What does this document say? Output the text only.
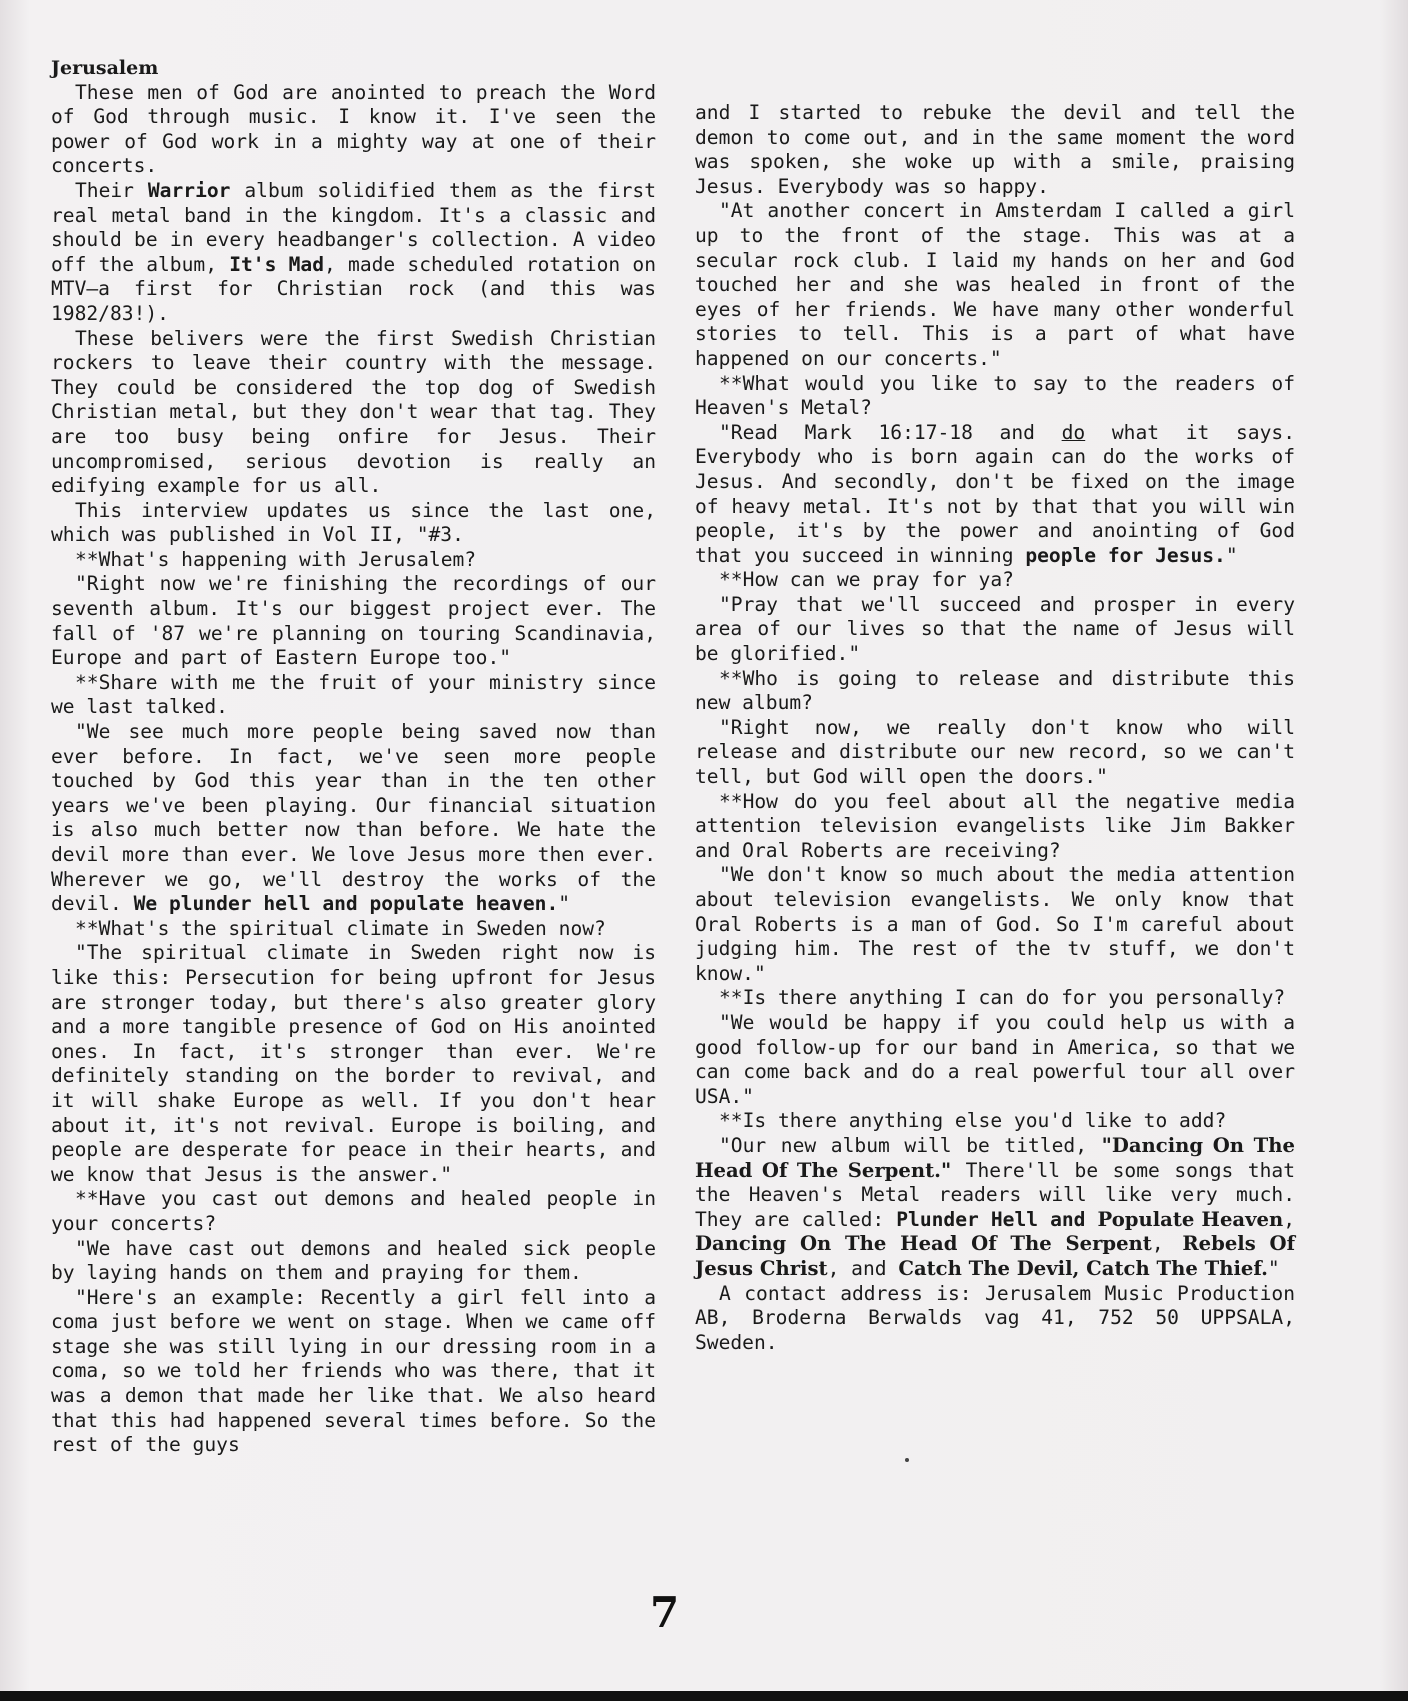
Jerusalem

These men of God are anointed to preach the Word of God through music. I know it. I've seen the power of God work in a mighty way at one of their concerts.

Their Warrior album solidified them as the first real metal band in the kingdom. It's a classic and should be in every headbanger's collection. A video off the album, It's Mad, made scheduled rotation on MTV—a first for Christian rock (and this was 1982/83!).

These belivers were the first Swedish Christian rockers to leave their country with the message. They could be considered the top dog of Swedish Christian metal, but they don't wear that tag. They are too busy being onfire for Jesus. Their uncompromised, serious devotion is really an edifying example for us all.

This interview updates us since the last one, which was published in Vol II, "#3.

**What's happening with Jerusalem?

"Right now we're finishing the recordings of our seventh album. It's our biggest project ever. The fall of '87 we're planning on touring Scandinavia, Europe and part of Eastern Europe too."

**Share with me the fruit of your ministry since we last talked.

"We see much more people being saved now than ever before. In fact, we've seen more people touched by God this year than in the ten other years we've been playing. Our financial situation is also much better now than before. We hate the devil more than ever. We love Jesus more then ever. Wherever we go, we'll destroy the works of the devil. We plunder hell and populate heaven."

**What's the spiritual climate in Sweden now?

"The spiritual climate in Sweden right now is like this: Persecution for being upfront for Jesus are stronger today, but there's also greater glory and a more tangible presence of God on His anointed ones. In fact, it's stronger than ever. We're definitely standing on the border to revival, and it will shake Europe as well. If you don't hear about it, it's not revival. Europe is boiling, and people are desperate for peace in their hearts, and we know that Jesus is the answer."

**Have you cast out demons and healed people in your concerts?

"We have cast out demons and healed sick people by laying hands on them and praying for them.

"Here's an example: Recently a girl fell into a coma just before we went on stage. When we came off stage she was still lying in our dressing room in a coma, so we told her friends who was there, that it was a demon that made her like that. We also heard that this had happened several times before. So the rest of the guys

and I started to rebuke the devil and tell the demon to come out, and in the same moment the word was spoken, she woke up with a smile, praising Jesus. Everybody was so happy.

"At another concert in Amsterdam I called a girl up to the front of the stage. This was at a secular rock club. I laid my hands on her and God touched her and she was healed in front of the eyes of her friends. We have many other wonderful stories to tell. This is a part of what have happened on our concerts."

**What would you like to say to the readers of Heaven's Metal?

"Read Mark 16:17-18 and do what it says. Everybody who is born again can do the works of Jesus. And secondly, don't be fixed on the image of heavy metal. It's not by that that you will win people, it's by the power and anointing of God that you succeed in winning people for Jesus."

**How can we pray for ya?

"Pray that we'll succeed and prosper in every area of our lives so that the name of Jesus will be glorified."

**Who is going to release and distribute this new album?

"Right now, we really don't know who will release and distribute our new record, so we can't tell, but God will open the doors."

**How do you feel about all the negative media attention television evangelists like Jim Bakker and Oral Roberts are receiving?

"We don't know so much about the media attention about television evangelists. We only know that Oral Roberts is a man of God. So I'm careful about judging him. The rest of the tv stuff, we don't know."

**Is there anything I can do for you personally?

"We would be happy if you could help us with a good follow-up for our band in America, so that we can come back and do a real powerful tour all over USA."

**Is there anything else you'd like to add?

"Our new album will be titled, "Dancing On The Head Of The Serpent." There'll be some songs that the Heaven's Metal readers will like very much. They are called: Plunder Hell and Populate Heaven, Dancing On The Head Of The Serpent, Rebels Of Jesus Christ, and Catch The Devil, Catch The Thief."

A contact address is: Jerusalem Music Production AB, Broderna Berwalds vag 41, 752 50 UPPSALA, Sweden.

7
